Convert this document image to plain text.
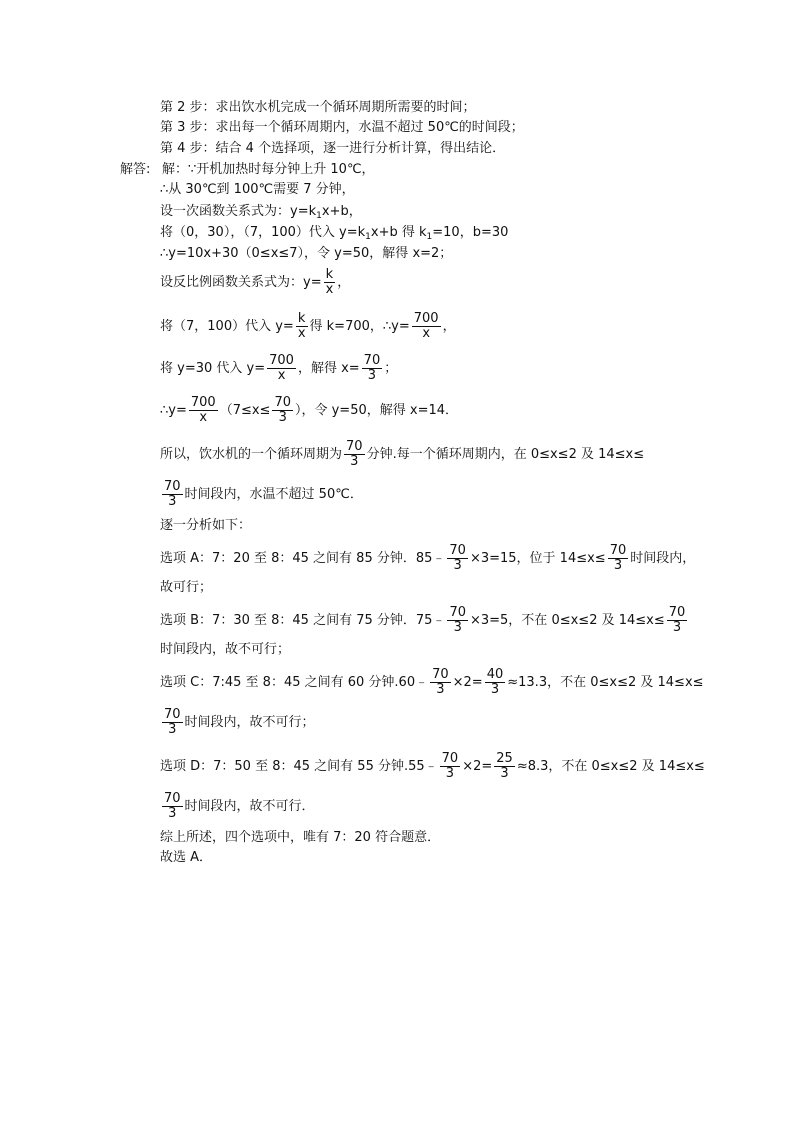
第 2 步：求出饮水机完成一个循环周期所需要的时间；
第 3 步：求出每一个循环周期内，水温不超过 50℃的时间段；
第 4 步：结合 4 个选择项，逐一进行分析计算，得出结论．
解答: 解：∵开机加热时每分钟上升 10℃，
∴从 30℃到 100℃需要 7 分钟，
设一次函数关系式为：$y=k_1x+b$，
将（0，30），（7，100）代入 $y=k_1x+b$ 得 $k_1=10$，b=30
∴y=10x+30（0≤x≤7），令 y=50，解得 x=2；
设反比例函数关系式为：$y= \frac{k}{x}$ ，
将（7，100）代入 $y= \frac{k}{x}$ 得 k=700，∴y= $\frac{700}{x}$ ，
将 y=30 代入 $y= \frac{700}{x}$ ，解得 $x= \frac{70}{3}$ ；
∴y= $\frac{700}{x} (7\le x\le \frac{70}{3}$ ），令 y=50，解得 x=14．
所以，饮水机的一个循环周期为 $\frac{70}{3}$ 分钟.每一个循环周期内，在 0≤x≤2 及 14≤x≤
$\frac{70}{3}$ 时间段内，水温不超过 50℃．
逐一分析如下：
选项 A：7：20 至 8：45 之间有 85 分钟．85﹣ $\frac{70}{3} \times 3=15$，位于 $14\le x\le \frac{70}{3}$ 时间段内，
故可行；
选项 B：7：30 至 8：45 之间有 75 分钟．75﹣ $\frac{70}{3} \times 3=5$，不在 0≤x≤2 及 $14\le x\le \frac{70}{3}$
时间段内，故不可行；
选项 C：7:45 至 8：45 之间有 60 分钟.60﹣ $\frac{70}{3} \times 2= \frac{40}{3} \approx 13.3$，不在 0≤x≤2 及 14≤x≤
$\frac{70}{3}$ 时间段内，故不可行；
选项 D：7：50 至 8：45 之间有 55 分钟.55﹣ $\frac{70}{3} \times 2= \frac{25}{3} \approx 8.3$，不在 0≤x≤2 及 14≤x≤
$\frac{70}{3}$ 时间段内，故不可行．
综上所述，四个选项中，唯有 7：20 符合题意．
故选 A．
